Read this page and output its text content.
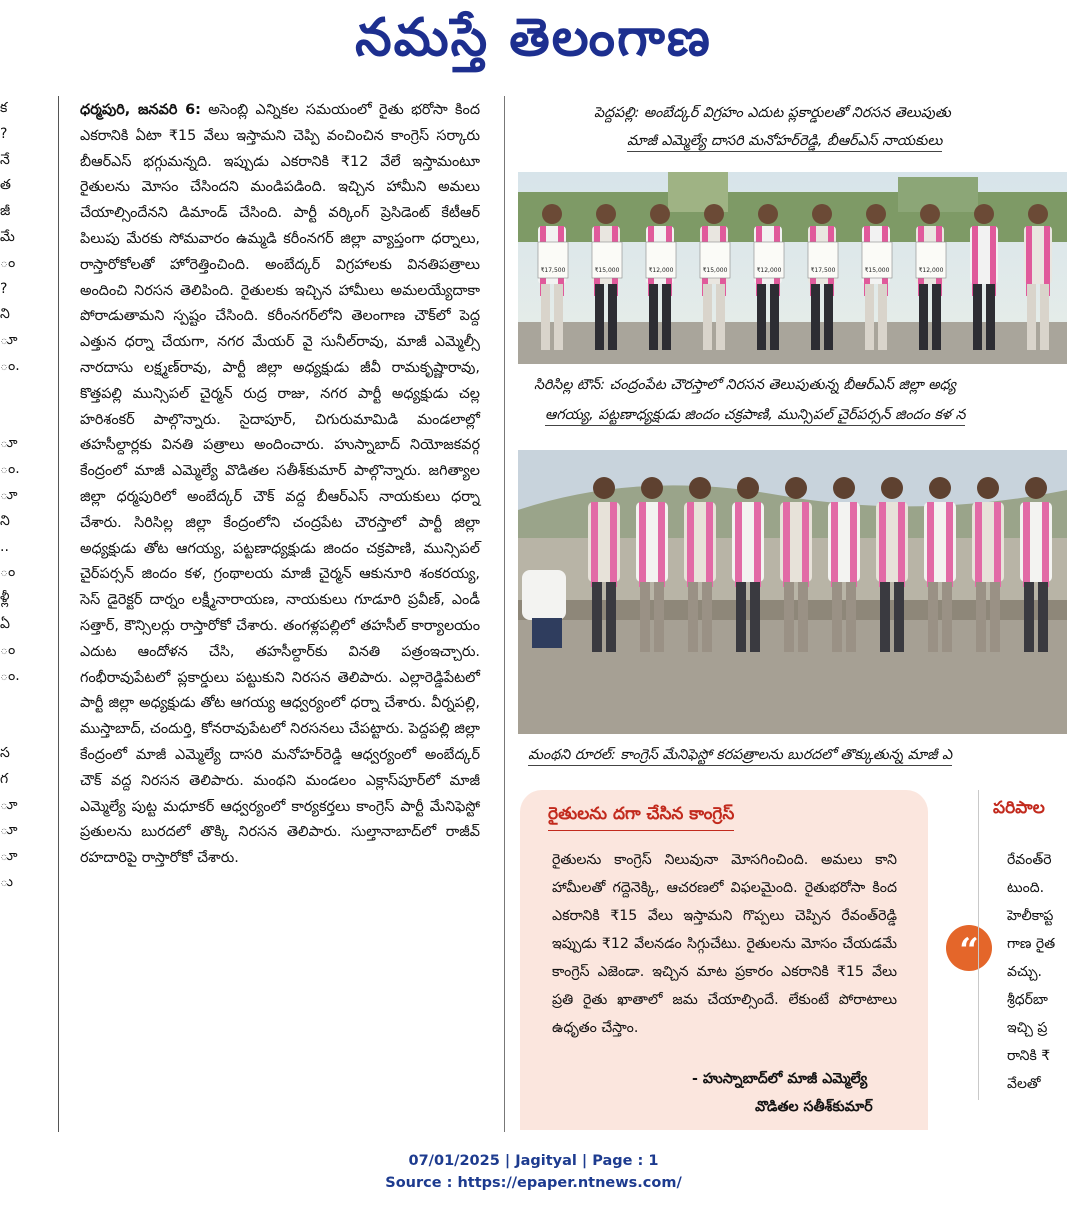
నమస్తే తెలంగాణ
క
?
నే
త
జీ
మే
ం
?
ని
ూ
ం.
ూ
ం.
ూ
ని
..
ం
ళ్లీ
ఏ
ం
ం.
స
గ
ూ
ూ
ూ
ు

ధర్మపురి, జనవరి 6: అసెంబ్లి ఎన్నికల సమయంలో రైతు భరోసా కింద ఎకరానికి ఏటా ₹15 వేలు ఇస్తామని చెప్పి వంచించిన కాంగ్రెస్ సర్కారు బీఆర్ఎస్ భగ్గుమన్నది. ఇప్పుడు ఎకరానికి ₹12 వేలే ఇస్తామంటూ రైతులను మోసం చేసిందని మండిపడింది. ఇచ్చిన హామీని అమలు చేయాల్సిందేనని డిమాండ్ చేసింది. పార్టీ వర్కింగ్ ప్రెసిడెంట్ కేటీఆర్ పిలుపు మేరకు సోమవారం ఉమ్మడి కరీంనగర్ జిల్లా వ్యాప్తంగా ధర్నాలు, రాస్తారోకోలతో హోరెత్తించింది. అంబేద్కర్ విగ్రహాలకు వినతిపత్రాలు అందించి నిరసన తెలిపింది. రైతులకు ఇచ్చిన హామీలు అమలయ్యేదాకా పోరాడుతామని స్పష్టం చేసింది. కరీంనగర్‌లోని తెలంగాణ చౌక్‌లో పెద్ద ఎత్తున ధర్నా చేయగా, నగర మేయర్ వై సునీల్‌రావు, మాజీ ఎమ్మెల్సీ నారదాసు లక్ష్మణ్‌రావు, పార్టీ జిల్లా అధ్యక్షుడు జీవీ రామకృష్ణారావు, కొత్తపల్లి మున్సిపల్ చైర్మన్ రుద్ర రాజు, నగర పార్టీ అధ్యక్షుడు చల్ల హరిశంకర్ పాల్గొన్నారు. సైదాపూర్, చిగురుమామిడి మండలాల్లో తహసీల్దార్లకు వినతి పత్రాలు అందించారు. హుస్నాబాద్ నియోజకవర్గ కేంద్రంలో మాజీ ఎమ్మెల్యే వొడితల సతీశ్‌కుమార్ పాల్గొన్నారు. జగిత్యాల జిల్లా ధర్మపురిలో అంబేద్కర్ చౌక్ వద్ద బీఆర్ఎస్ నాయకులు ధర్నా చేశారు. సిరిసిల్ల జిల్లా కేంద్రంలోని చంద్రపేట చౌరస్తాలో పార్టీ జిల్లా అధ్యక్షుడు తోట ఆగయ్య, పట్టణాధ్యక్షుడు జిందం చక్రపాణి, మున్సిపల్ చైర్‌పర్సన్ జిందం కళ, గ్రంథాలయ మాజీ చైర్మన్ ఆకునూరి శంకరయ్య, సెస్ డైరెక్టర్ దార్నం లక్ష్మీనారాయణ, నాయకులు గూడూరి ప్రవీణ్, ఎండీ సత్తార్, కౌన్సిలర్లు రాస్తారోకో చేశారు. తంగళ్లపల్లిలో తహసీల్ కార్యాలయం ఎదుట ఆందోళన చేసి, తహసీల్దార్‌కు వినతి పత్రంఇచ్చారు. గంభీరావుపేటలో ప్లకార్డులు పట్టుకుని నిరసన తెలిపారు. ఎల్లారెడ్డిపేటలో పార్టీ జిల్లా అధ్యక్షుడు తోట ఆగయ్య ఆధ్వర్యంలో ధర్నా చేశారు. వీర్నపల్లి, ముస్తాబాద్, చందుర్తి, కోనరావుపేటలో నిరసనలు చేపట్టారు. పెద్దపల్లి జిల్లా కేంద్రంలో మాజీ ఎమ్మెల్యే దాసరి మనోహర్‌రెడ్డి ఆధ్వర్యంలో అంబేద్కర్ చౌక్ వద్ద నిరసన తెలిపారు. మంథని మండలం ఎక్లాస్‌పూర్‌లో మాజీ ఎమ్మెల్యే పుట్ట మధూకర్ ఆధ్వర్యంలో కార్యకర్తలు కాంగ్రెస్ పార్టీ మేనిఫెస్టో ప్రతులను బురదలో తొక్కి నిరసన తెలిపారు. సుల్తానాబాద్‌లో రాజీవ్ రహదారిపై రాస్తారోకో చేశారు.

పెద్దపల్లి: అంబేద్కర్ విగ్రహం ఎదుట ప్లకార్డులతో నిరసన తెలుపుతు
మాజీ ఎమ్మెల్యే దాసరి మనోహర్‌రెడ్డి, బీఆర్ఎస్ నాయకులు
₹17,500	₹15,000	₹12,000	₹15,000	₹12,000	₹17,500	₹15,000	₹12,000
సిరిసిల్ల టౌన్: చంద్రంపేట చౌరస్తాలో నిరసన తెలుపుతున్న బీఆర్ఎస్ జిల్లా అధ్య
ఆగయ్య, పట్టణాధ్యక్షుడు జిందం చక్రపాణి, మున్సిపల్ చైర్‌పర్సన్ జిందం కళ న
మంథని రూరల్: కాంగ్రెస్ మేనిఫెస్టో కరపత్రాలను బురదలో తొక్కుతున్న మాజీ ఎ
రైతులను దగా చేసిన కాంగ్రెస్

రైతులను కాంగ్రెస్ నిలువునా మోసగించింది. అమలు కాని హామీలతో గద్దెనెక్కి, ఆచరణలో విఫలమైంది. రైతుభరోసా కింద ఎకరానికి ₹15 వేలు ఇస్తామని గొప్పలు చెప్పిన రేవంత్‌రెడ్డి ఇప్పుడు ₹12 వేలనడం సిగ్గుచేటు. రైతులను మోసం చేయడమే కాంగ్రెస్ ఎజెండా. ఇచ్చిన మాట ప్రకారం ఎకరానికి ₹15 వేలు ప్రతి రైతు ఖాతాలో జమ చేయాల్సిందే. లేకుంటే పోరాటాలు ఉధృతం చేస్తాం.

- హుస్నాబాద్‌లో మాజీ ఎమ్మెల్యే
వొడితల సతీశ్‌కుమార్
“
పరిపాల
రేవంత్‌రె
టుంది.
హెలీకాప్ట
గాణ రైత
వచ్చు.
శ్రీధర్‌బా
ఇచ్చి ప్ర
రానికి ₹
వేలతో
07/01/2025 | Jagityal | Page : 1
Source : https://epaper.ntnews.com/
